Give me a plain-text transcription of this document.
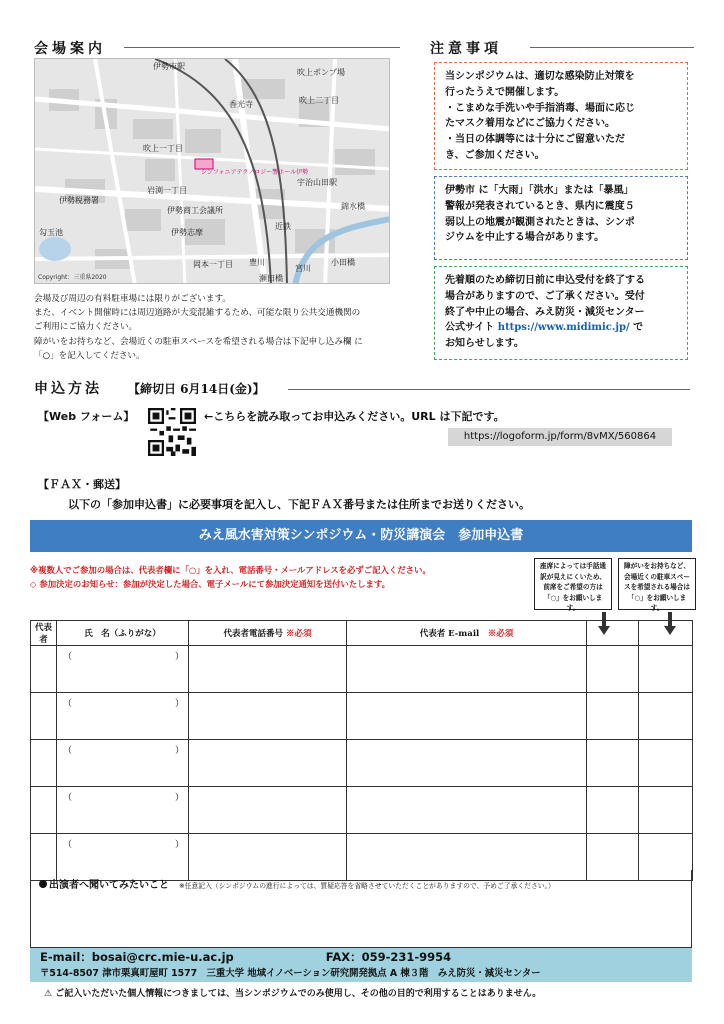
会場案内
伊勢市駅
吹上ポンプ場
吹上二丁目
香光寺
吹上一丁目
岩渕一丁目
伊勢商工会議所
伊勢志摩
岡本一丁目 豊川
近鉄
宇治山田駅
錦水橋
宮川
勾玉池
伊勢税務署
小田橋
瀬田橋
シンフォニアテクノロジー響ホール伊勢
Copyright：三重県2020

会場及び周辺の有料駐車場には限りがございます。

また、イベント開催時には周辺道路が大変混雑するため、可能な限り公共交通機関の

ご利用にご協力ください。

障がいをお持ちなど、会場近くの駐車スペースを希望される場合は下記申し込み欄 に

「○」を記入してください。

注意事項
当シンポジウムは、適切な感染防止対策を
行ったうえで開催します。
・こまめな手洗いや手指消毒、場面に応じ
たマスク着用などにご協力ください。
・当日の体調等には十分にご留意いただ
き、ご参加ください。
伊勢市 に「大雨」「洪水」または「暴風」
警報が発表されているとき、県内に震度５
弱以上の地震が観測されたときは、シンポ
ジウムを中止する場合があります。
先着順のため締切日前に申込受付を終了する
場合がありますので、ご了承ください。受付
終了や中止の場合、みえ防災・減災センター
公式サイト https://www.midimic.jp/ で
お知らせします。
申込方法 【締切日 6月14日(金)】
【Web フォーム】	←こちらを読み取ってお申込みください。URL は下記です。
https://logoform.jp/form/8vMX/560864
【ＦＡＸ・郵送】
以下の「参加申込書」に必要事項を記入し、下記ＦＡＸ番号または住所までお送りください。
みえ風水害対策シンポジウム・防災講演会　参加申込書
※複数人でご参加の場合は、代表者欄に「○」を入れ、電話番号・メールアドレスを必ずご記入ください。
◇ 参加決定のお知らせ：参加が決定した場合、電子メールにて参加決定通知を送付いたします。
座席によっては手話通訳が見えにくいため、前席をご希望の方は「○」をお願いします。
障がいをお持ちなど、会場近くの駐車スペースを希望される場合は「○」をお願いします。
代表者	氏　名（ふりがな）	代表者電話番号 ※必須	代表者 E-mail　 ※必須		

	（ ）				

	（ ）				

	（ ）				

	（ ）				

	（ ）				

出演者へ聞いてみたいこと　 ※任意記入（シンポジウムの進行によっては、質疑応答を省略させていただくことがありますので、予めご了承ください。）
E-mail：bosai@crc.mie-u.ac.jp	FAX：059-231-9954
〒514-8507 津市栗真町屋町 1577　三重大学 地域イノベーション研究開発拠点 A 棟３階　みえ防災・減災センター
⚠ ご記入いただいた個人情報につきましては、当シンポジウムでのみ使用し、その他の目的で利用することはありません。
